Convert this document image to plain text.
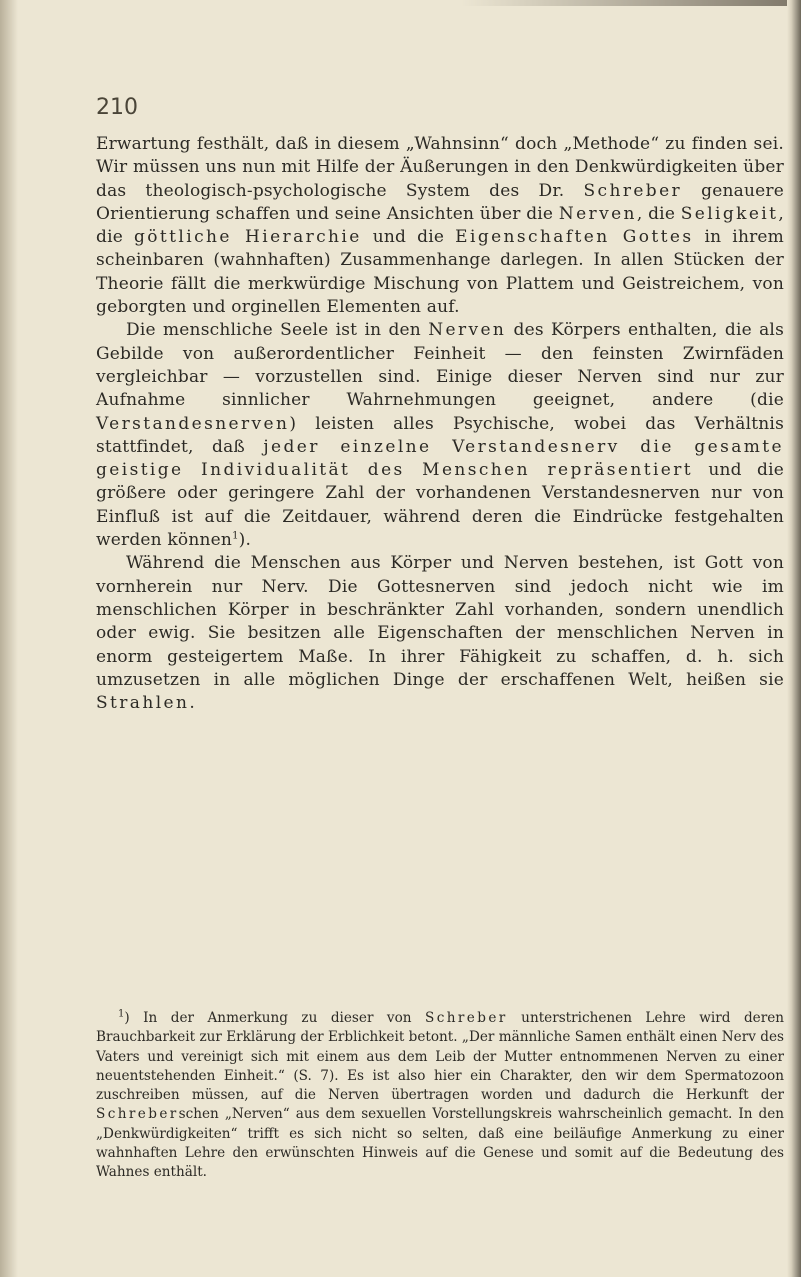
210

Erwartung festhält, daß in diesem „Wahnsinn“ doch „Methode“ zu finden sei. Wir müssen uns nun mit Hilfe der Äußerungen in den Denkwürdigkeiten über das theologisch-psychologische System des Dr. Schreber genauere Orientierung schaffen und seine Ansichten über die Nerven, die Seligkeit, die göttliche Hierarchie und die Eigenschaften Gottes in ihrem scheinbaren (wahnhaften) Zusammenhange darlegen. In allen Stücken der Theorie fällt die merkwürdige Mischung von Plattem und Geistreichem, von geborgten und orginellen Elementen auf.

Die menschliche Seele ist in den Nerven des Körpers enthalten, die als Gebilde von außerordentlicher Feinheit — den feinsten Zwirnfäden vergleichbar — vorzustellen sind. Einige dieser Nerven sind nur zur Aufnahme sinnlicher Wahrnehmungen geeignet, andere (die Verstandesnerven) leisten alles Psychische, wobei das Verhältnis stattfindet, daß jeder einzelne Verstandesnerv die gesamte geistige Individualität des Menschen repräsentiert und die größere oder geringere Zahl der vorhandenen Verstandesnerven nur von Einfluß ist auf die Zeitdauer, während deren die Eindrücke festgehalten werden können$^1$).

Während die Menschen aus Körper und Nerven bestehen, ist Gott von vornherein nur Nerv. Die Gottesnerven sind jedoch nicht wie im menschlichen Körper in beschränkter Zahl vorhanden, sondern unendlich oder ewig. Sie besitzen alle Eigenschaften der menschlichen Nerven in enorm gesteigertem Maße. In ihrer Fähigkeit zu schaffen, d. h. sich umzusetzen in alle möglichen Dinge der erschaffenen Welt, heißen sie Strahlen.

$^1$) In der Anmerkung zu dieser von Schreber unterstrichenen Lehre wird deren Brauchbarkeit zur Erklärung der Erblichkeit betont. „Der männliche Samen enthält einen Nerv des Vaters und vereinigt sich mit einem aus dem Leib der Mutter entnommenen Nerven zu einer neuentstehenden Einheit.“ (S. 7). Es ist also hier ein Charakter, den wir dem Spermatozoon zuschreiben müssen, auf die Nerven übertragen worden und dadurch die Herkunft der Schreberschen „Nerven“ aus dem sexuellen Vorstellungskreis wahrscheinlich gemacht. In den „Denkwürdigkeiten“ trifft es sich nicht so selten, daß eine beiläufige Anmerkung zu einer wahnhaften Lehre den erwünschten Hinweis auf die Genese und somit auf die Bedeutung des Wahnes enthält.
